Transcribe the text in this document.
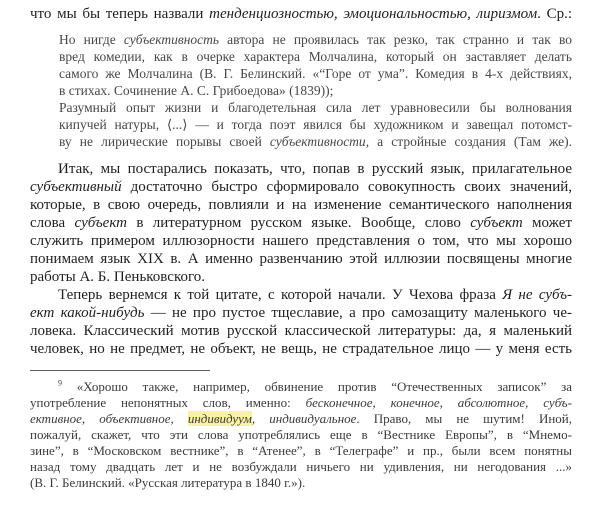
что мы бы теперь назвали тенденциозностью, эмоциональностью, лиризмом. Ср.:
Но нигде субъективность автора не проявилась так резко, так странно и так во
вред комедии, как в очерке характера Молчалина, который он заставляет делать
самого же Молчалина (В. Г. Белинский. «“Горе от ума”. Комедия в 4-х действиях,
в стихах. Сочинение А. С. Грибоедова» (1839));
Разумный опыт жизни и благодетельная сила лет уравновесили бы волнования
кипучей натуры, ⟨...⟩ — и тогда поэт явился бы художником и завещал потомст-
ву не лирические порывы своей субъективности, а стройные создания (Там же).
Итак, мы постарались показать, что, попав в русский язык, прилагательное
субъективный достаточно быстро сформировало совокупность своих значений,
которые, в свою очередь, повлияли и на изменение семантического наполнения
слова субъект в литературном русском языке. Вообще, слово субъект может
служить примером иллюзорности нашего представления о том, что мы хорошо
понимаем язык XIX в. А именно развенчанию этой иллюзии посвящены многие
работы А. Б. Пеньковского.
Теперь вернемся к той цитате, с которой начали. У Чехова фраза Я не субъ-
ект какой-нибудь — не про пустое тщеславие, а про самозащиту маленького че-
ловека. Классический мотив русской классической литературы: да, я маленький
человек, но не предмет, не объект, не вещь, не страдательное лицо — у меня есть
$^9$ «Хорошо также, например, обвинение против “Отечественных записок” за
употребление непонятных слов, именно: бесконечное, конечное, абсолютное, субъ-
ективное, объективное, индивидуум, индивидуальное. Право, мы не шутим! Иной,
пожалуй, скажет, что эти слова употреблялись еще в “Вестнике Европы”, в “Мнемо-
зине”, в “Московском вестнике”, в “Атенее”, в “Телеграфе” и пр., были всем понятны
назад тому двадцать лет и не возбуждали ничьего ни удивления, ни негодования ...»
(В. Г. Белинский. «Русская литература в 1840 г.»).
